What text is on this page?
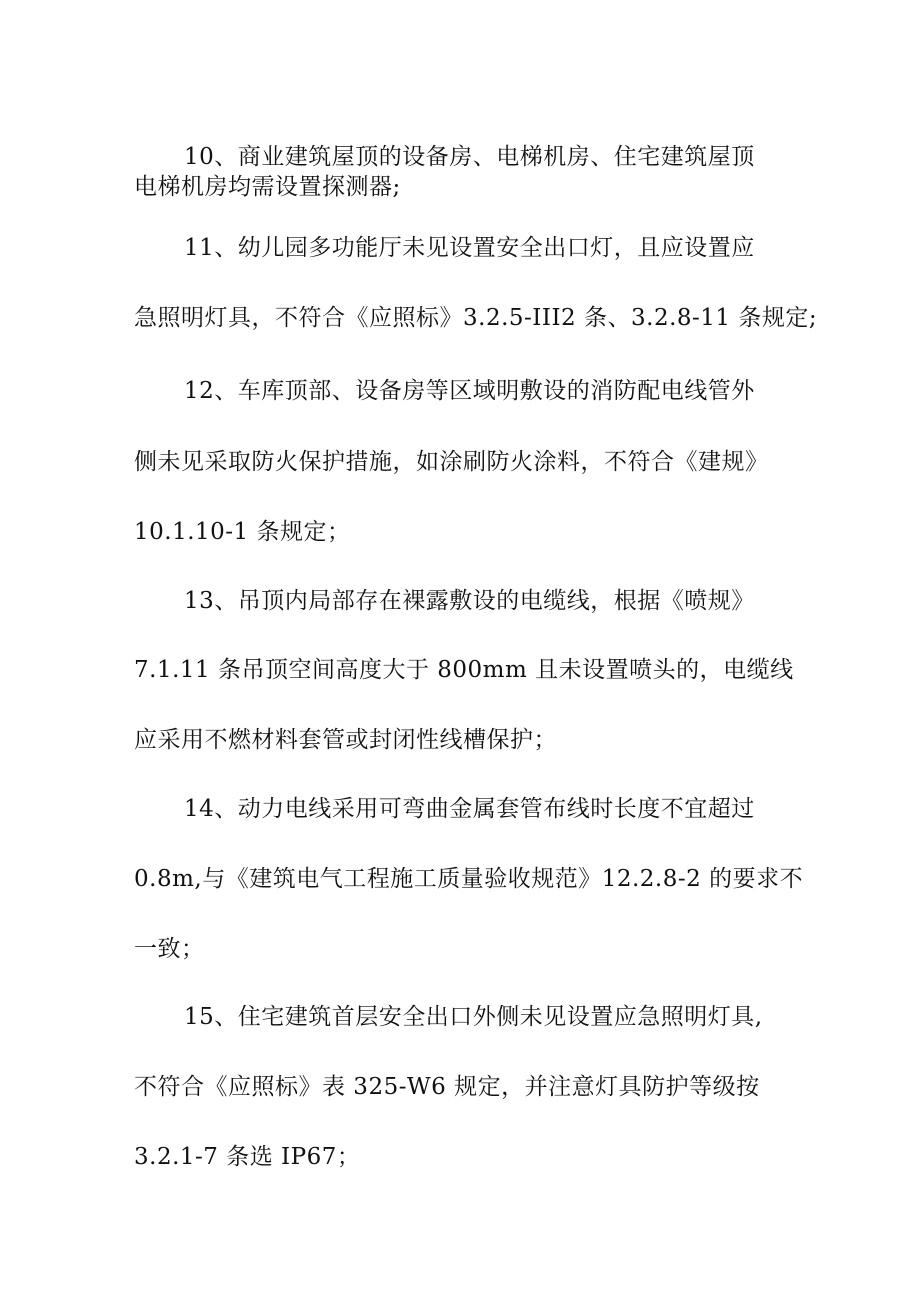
10、商业建筑屋顶的设备房、电梯机房、住宅建筑屋顶
电梯机房均需设置探测器;
11、幼儿园多功能厅未见设置安全出口灯，且应设置应
急照明灯具，不符合《应照标》3.2.5-III2 条、3.2.8-11 条规定;
12、车库顶部、设备房等区域明敷设的消防配电线管外
侧未见采取防火保护措施，如涂刷防火涂料，不符合《建规》
10.1.10-1 条规定；
13、吊顶内局部存在裸露敷设的电缆线，根据《喷规》
7.1.11 条吊顶空间高度大于 800mm 且未设置喷头的，电缆线
应采用不燃材料套管或封闭性线槽保护；
14、动力电线采用可弯曲金属套管布线时长度不宜超过
0.8m,与《建筑电气工程施工质量验收规范》12.2.8-2 的要求不
一致；
15、住宅建筑首层安全出口外侧未见设置应急照明灯具,
不符合《应照标》表 325-W6 规定，并注意灯具防护等级按
3.2.1-7 条选 IP67；
